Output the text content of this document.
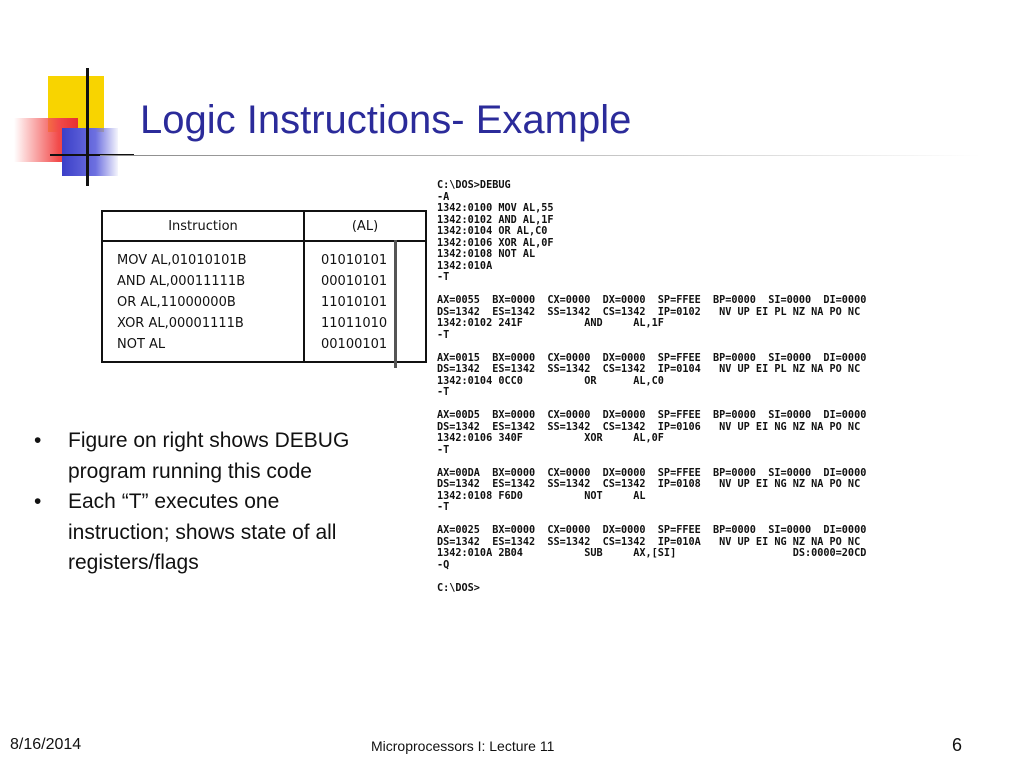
Logic Instructions- Example
Instruction	(AL)
MOV AL,01010101B	01010101
AND AL,00011111B	00010101
OR AL,11000000B	11010101
XOR AL,00001111B	11011010
NOT AL	00100101
• Figure on right shows DEBUG program running this code
• Each “T” executes one instruction; shows state of all registers/flags
C:\DOS>DEBUG
-A
1342:0100 MOV AL,55
1342:0102 AND AL,1F
1342:0104 OR AL,C0
1342:0106 XOR AL,0F
1342:0108 NOT AL
1342:010A
-T
AX=0055  BX=0000  CX=0000  DX=0000  SP=FFEE  BP=0000  SI=0000  DI=0000
DS=1342  ES=1342  SS=1342  CS=1342  IP=0102   NV UP EI PL NZ NA PO NC
1342:0102 241F          AND     AL,1F
-T
AX=0015  BX=0000  CX=0000  DX=0000  SP=FFEE  BP=0000  SI=0000  DI=0000
DS=1342  ES=1342  SS=1342  CS=1342  IP=0104   NV UP EI PL NZ NA PO NC
1342:0104 0CC0          OR      AL,C0
-T
AX=00D5  BX=0000  CX=0000  DX=0000  SP=FFEE  BP=0000  SI=0000  DI=0000
DS=1342  ES=1342  SS=1342  CS=1342  IP=0106   NV UP EI NG NZ NA PO NC
1342:0106 340F          XOR     AL,0F
-T
AX=00DA  BX=0000  CX=0000  DX=0000  SP=FFEE  BP=0000  SI=0000  DI=0000
DS=1342  ES=1342  SS=1342  CS=1342  IP=0108   NV UP EI NG NZ NA PO NC
1342:0108 F6D0          NOT     AL
-T
AX=0025  BX=0000  CX=0000  DX=0000  SP=FFEE  BP=0000  SI=0000  DI=0000
DS=1342  ES=1342  SS=1342  CS=1342  IP=010A   NV UP EI NG NZ NA PO NC
1342:010A 2B04          SUB     AX,[SI]                   DS:0000=20CD
-Q
C:\DOS>
8/16/2014	Microprocessors I: Lecture 11	6
